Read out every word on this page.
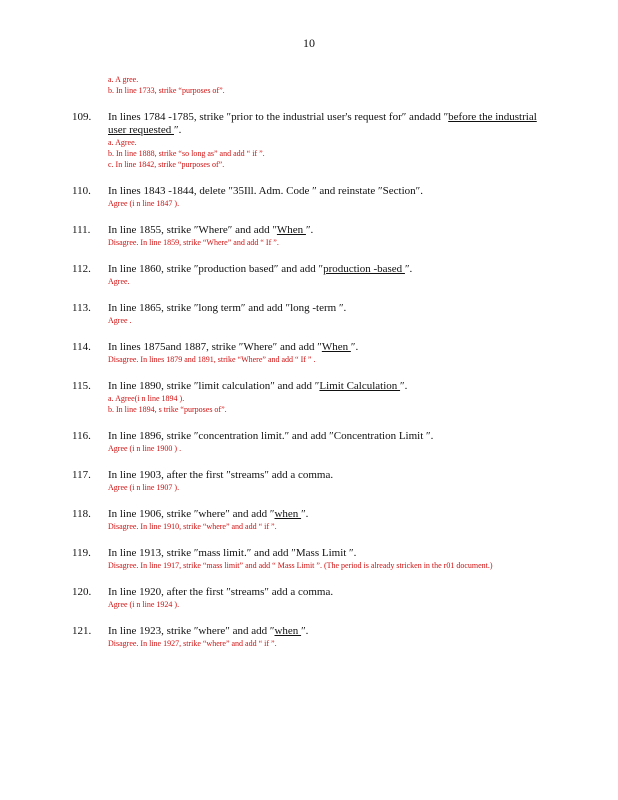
10
a. A gree.
b. In line 1733, strike “purposes of”.
109.	In lines 1784 -1785, strike ″prior to the industrial user's request for″ andadd ″before the industrial user requested ″.
a. Agree.
b. In line 1888, strike “so long as” and add “ if ”.
c. In line 1842, strike “purposes of”.
110.	In lines 1843 -1844, delete ″35Ill. Adm. Code ″ and reinstate ″Section″.
Agree (i n line 1847 ).
111.	In line 1855, strike ″Where″ and add ″When ″.
Disagree. In line 1859, strike “Where” and add “ If ”.
112.	In line 1860, strike ″production based″ and add ″production -based ″.
Agree.
113.	In line 1865, strike ″long term″ and add ″long -term ″.
Agree .
114.	In lines 1875and 1887, strike ″Where″ and add ″When ″.
Disagree. In lines 1879 and 1891, strike “Where” and add “ If ” .
115.	In line 1890, strike ″limit calculation″ and add ″Limit Calculation ″.
a. Agree(i n line 1894 ).
b. In line 1894, s trike “purposes of”.
116.	In line 1896, strike ″concentration limit.″ and add ″Concentration Limit ″.
Agree (i n line 1900 ) .
117.	In line 1903, after the first ″streams″ add a comma.
Agree (i n line 1907 ).
118.	In line 1906, strike ″where″ and add ″when ″.
Disagree. In line 1910, strike “where” and add “ if ”.
119.	In line 1913, strike ″mass limit.″ and add ″Mass Limit ″.
Disagree. In line 1917, strike “mass limit” and add “ Mass Limit ”. (The period is already stricken in the r01 document.)
120.	In line 1920, after the first ″streams″ add a comma.
Agree (i n line 1924 ).
121.	In line 1923, strike ″where″ and add ″when ″.
Disagree. In line 1927, strike “where” and add “ if ”.
